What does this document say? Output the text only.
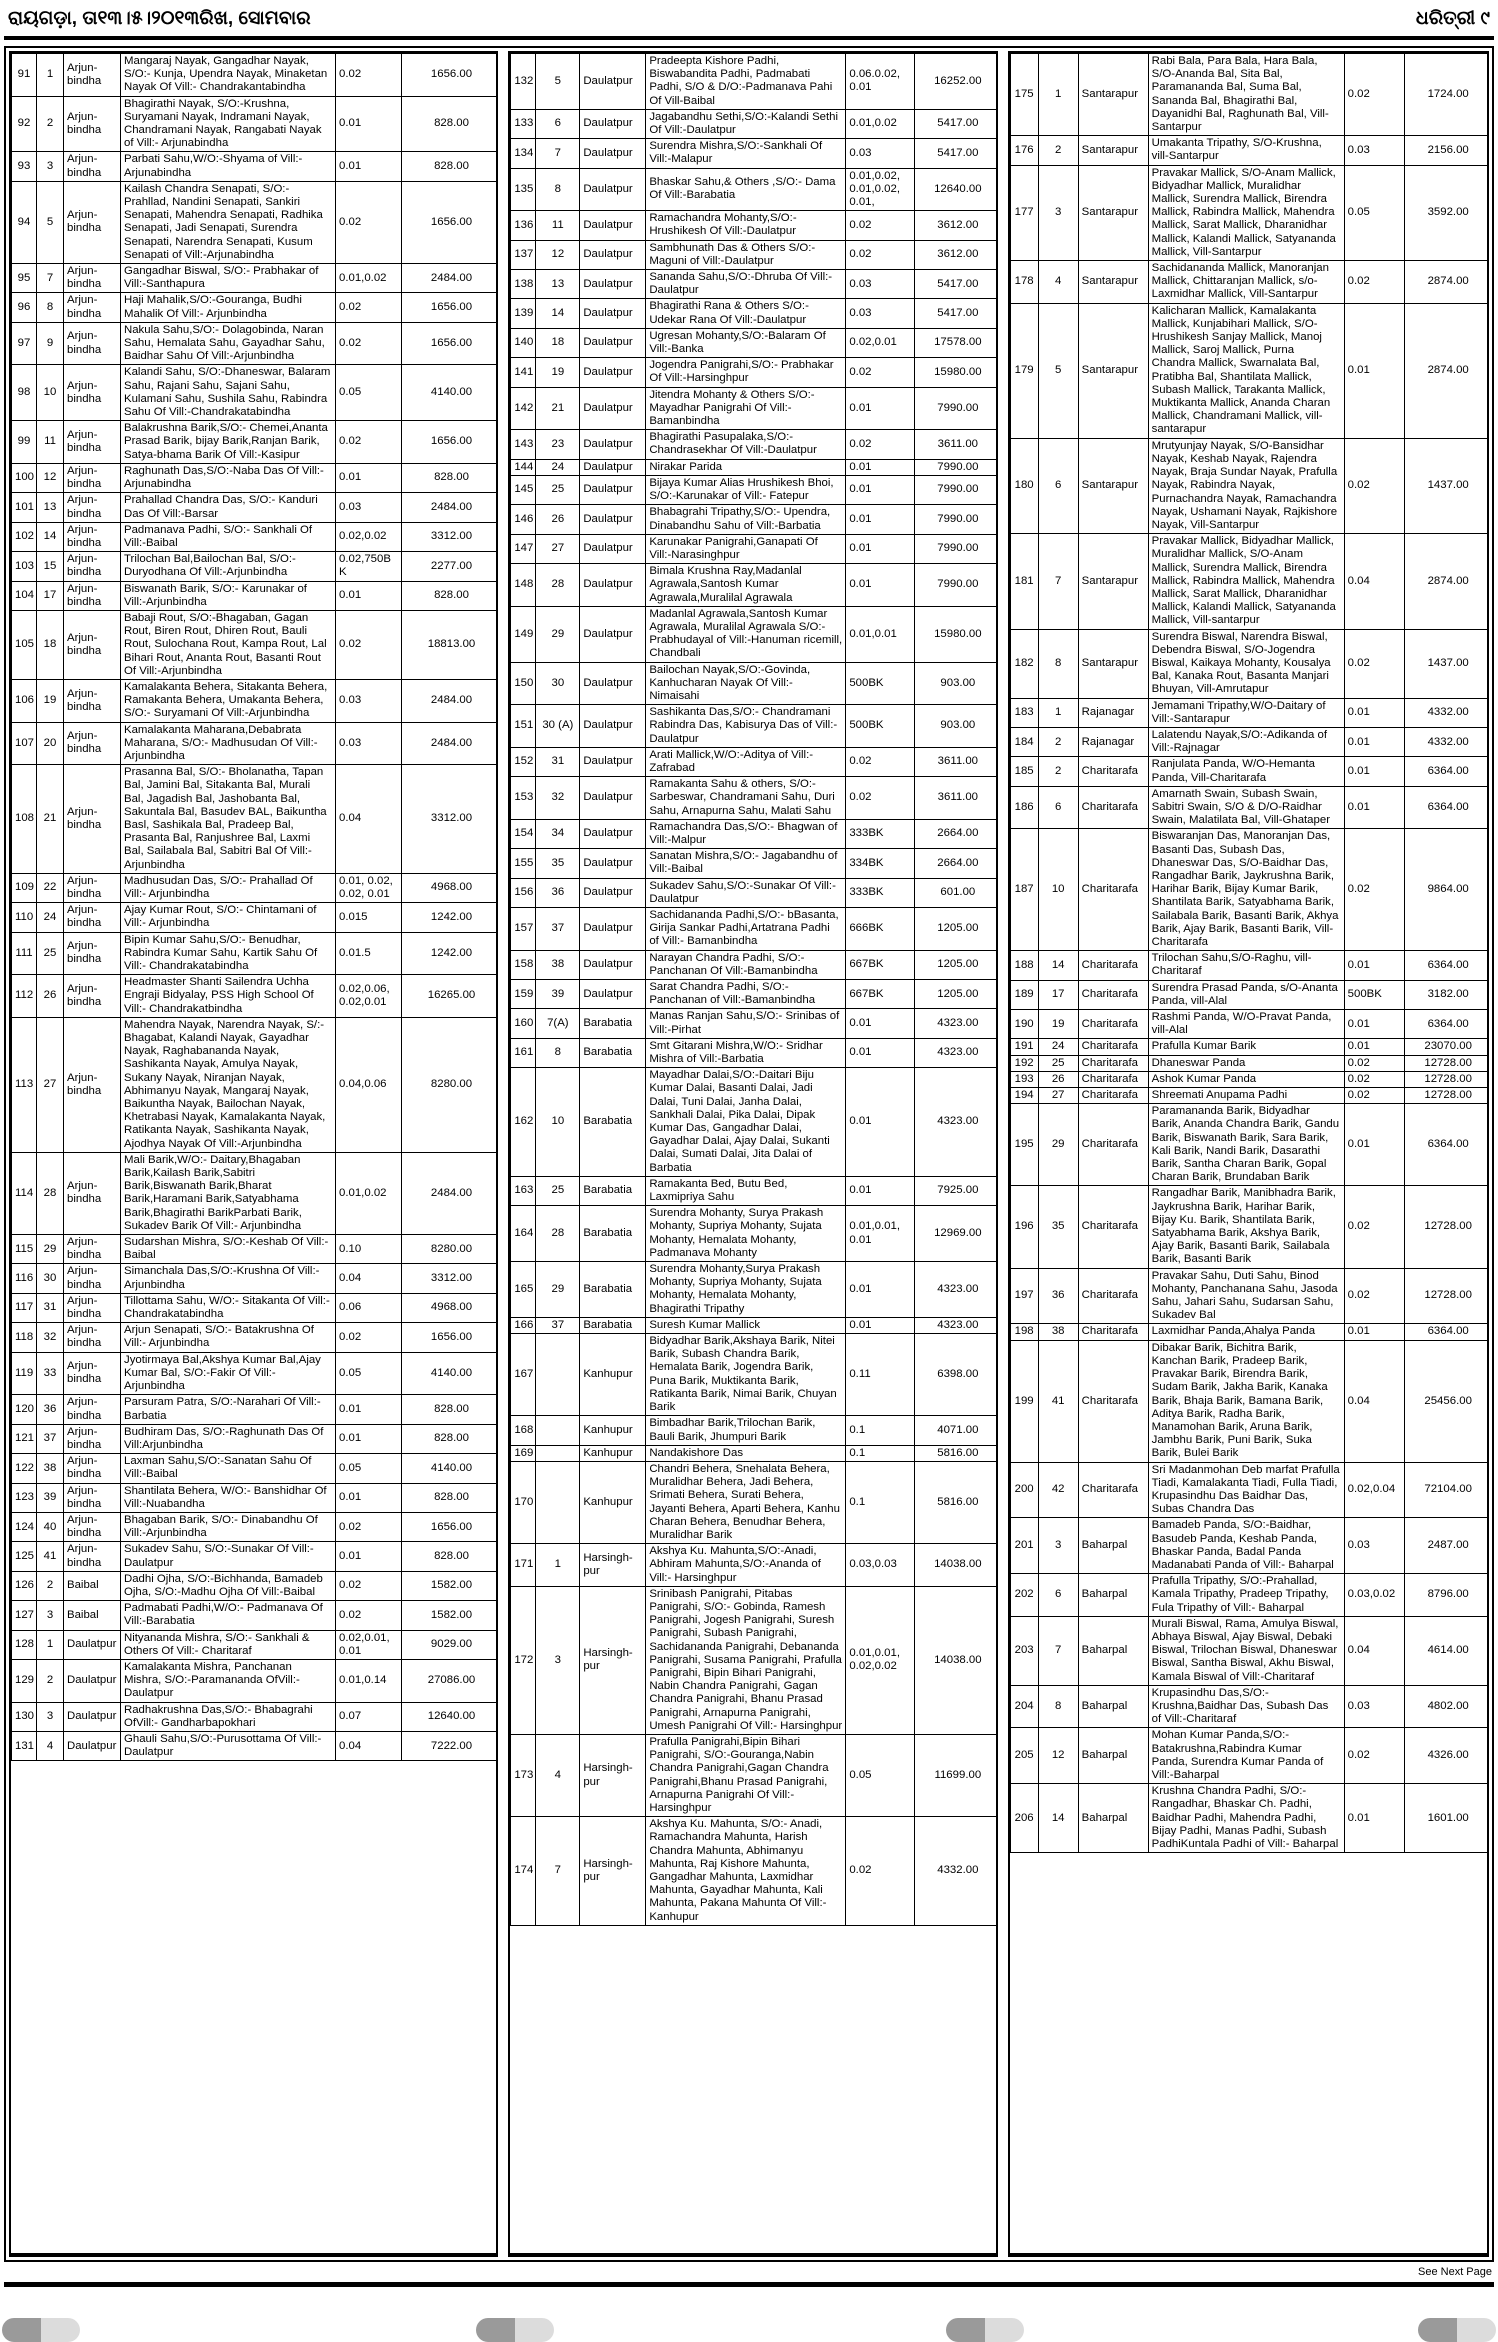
ରାୟଗଡ଼ା, ତା୧୩।୫।୨୦୧୩ରିଖ, ସୋମବାର	ଧରିତ୍ରୀ ୯
91	1	Arjun-bindha	Mangaraj Nayak, Gangadhar Nayak, S/O:- Kunja, Upendra Nayak, Minaketan Nayak Of Vill:- Chandrakantabindha	0.02	1656.00
92	2	Arjun-bindha	Bhagirathi Nayak, S/O:-Krushna, Suryamani Nayak, Indramani Nayak, Chandramani Nayak, Rangabati Nayak of Vill:- Arjunabindha	0.01	828.00
93	3	Arjun-bindha	Parbati Sahu,W/O:-Shyama of Vill:-Arjunabindha	0.01	828.00
94	5	Arjun-bindha	Kailash Chandra Senapati, S/O:- Prahllad, Nandini Senapati, Sankiri Senapati, Mahendra Senapati, Radhika Senapati, Jadi Senapati, Surendra Senapati, Narendra Senapati, Kusum Senapati of Vill:-Arjunabindha	0.02	1656.00
95	7	Arjun-bindha	Gangadhar Biswal, S/O:- Prabhakar of Vill:-Santhapura	0.01,0.02	2484.00
96	8	Arjun-bindha	Haji Mahalik,S/O:-Gouranga, Budhi Mahalik Of Vill:- Arjunbindha	0.02	1656.00
97	9	Arjun-bindha	Nakula Sahu,S/O:- Dolagobinda, Naran Sahu, Hemalata Sahu, Gayadhar Sahu, Baidhar Sahu Of Vill:-Arjunbindha	0.02	1656.00
98	10	Arjun-bindha	Kalandi Sahu, S/O:-Dhaneswar, Balaram Sahu, Rajani Sahu, Sajani Sahu, Kulamani Sahu, Sushila Sahu, Rabindra Sahu Of Vill:-Chandrakatabindha	0.05	4140.00
99	11	Arjun-bindha	Balakrushna Barik,S/O:- Chemei,Ananta Prasad Barik, bijay Barik,Ranjan Barik, Satya-bhama Barik Of Vill:-Kasipur	0.02	1656.00
100	12	Arjun-bindha	Raghunath Das,S/O:-Naba Das Of Vill:- Arjunabindha	0.01	828.00
101	13	Arjun-bindha	Prahallad Chandra Das, S/O:- Kanduri Das Of Vill:-Barsar	0.03	2484.00
102	14	Arjun-bindha	Padmanava Padhi, S/O:- Sankhali Of Vill:-Baibal	0.02,0.02	3312.00
103	15	Arjun-bindha	Trilochan Bal,Bailochan Bal, S/O:- Duryodhana Of Vill:-Arjunbindha	0.02,750B K	2277.00
104	17	Arjun-bindha	Biswanath Barik, S/O:- Karunakar of Vill:-Arjunbindha	0.01	828.00
105	18	Arjun-bindha	Babaji Rout, S/O:-Bhagaban, Gagan Rout, Biren Rout, Dhiren Rout, Bauli Rout, Sulochana Rout, Kampa Rout, Lal Bihari Rout, Ananta Rout, Basanti Rout Of Vill:-Arjunbindha	0.02	18813.00
106	19	Arjun-bindha	Kamalakanta Behera, Sitakanta Behera, Ramakanta Behera, Umakanta Behera, S/O:- Suryamani Of Vill:-Arjunbindha	0.03	2484.00
107	20	Arjun-bindha	Kamalakanta Maharana,Debabrata Maharana, S/O:- Madhusudan Of Vill:- Arjunbindha	0.03	2484.00
108	21	Arjun-bindha	Prasanna Bal, S/O:- Bholanatha, Tapan Bal, Jamini Bal, Sitakanta Bal, Murali Bal, Jagadish Bal, Jashobanta Bal, Sakuntala Bal, Basudev BAL, Baikuntha Basl, Sashikala Bal, Pradeep Bal, Prasanta Bal, Ranjushree Bal, Laxmi Bal, Sailabala Bal, Sabitri Bal Of Vill:-Arjunbindha	0.04	3312.00
109	22	Arjun-bindha	Madhusudan Das, S/O:- Prahallad Of Vill:- Arjunbindha	0.01, 0.02, 0.02, 0.01	4968.00
110	24	Arjun-bindha	Ajay Kumar Rout, S/O:- Chintamani of Vill:- Arjunbindha	0.015	1242.00
111	25	Arjun-bindha	Bipin Kumar Sahu,S/O:- Benudhar, Rabindra Kumar Sahu, Kartik Sahu Of Vill:- Chandrakatabindha	0.01.5	1242.00
112	26	Arjun-bindha	Headmaster Shanti Sailendra Uchha Engraji Bidyalay, PSS High School Of Vill:- Chandrakatbindha	0.02,0.06, 0.02,0.01	16265.00
113	27	Arjun-bindha	Mahendra Nayak, Narendra Nayak, S/:- Bhagabat, Kalandi Nayak, Gayadhar Nayak, Raghabananda Nayak, Sashikanta Nayak, Amulya Nayak, Sukany Nayak, Niranjan Nayak, Abhimanyu Nayak, Mangaraj Nayak, Baikuntha Nayak, Bailochan Nayak, Khetrabasi Nayak, Kamalakanta Nayak, Ratikanta Nayak, Sashikanta Nayak, Ajodhya Nayak Of Vill:-Arjunbindha	0.04,0.06	8280.00
114	28	Arjun-bindha	Mali Barik,W/O:- Daitary,Bhagaban Barik,Kailash Barik,Sabitri Barik,Biswanath Barik,Bharat Barik,Haramani Barik,Satyabhama Barik,Bhagirathi BarikParbati Barik, Sukadev Barik Of Vill:- Arjunbindha	0.01,0.02	2484.00
115	29	Arjun-bindha	Sudarshan Mishra, S/O:-Keshab Of Vill:- Baibal	0.10	8280.00
116	30	Arjun-bindha	Simanchala Das,S/O:-Krushna Of Vill:- Arjunbindha	0.04	3312.00
117	31	Arjun-bindha	Tillottama Sahu, W/O:- Sitakanta Of Vill:- Chandrakatabindha	0.06	4968.00
118	32	Arjun-bindha	Arjun Senapati, S/O:- Batakrushna Of Vill:- Arjunbindha	0.02	1656.00
119	33	Arjun-bindha	Jyotirmaya Bal,Akshya Kumar Bal,Ajay Kumar Bal, S/O:-Fakir Of Vill:-Arjunbindha	0.05	4140.00
120	36	Arjun-bindha	Parsuram Patra, S/O:-Narahari Of Vill:-Barbatia	0.01	828.00
121	37	Arjun-bindha	Budhiram Das, S/O:-Raghunath Das Of Vill:Arjunbindha	0.01	828.00
122	38	Arjun-bindha	Laxman Sahu,S/O:-Sanatan Sahu Of Vill:-Baibal	0.05	4140.00
123	39	Arjun-bindha	Shantilata Behera, W/O:- Banshidhar Of Vill:-Nuabandha	0.01	828.00
124	40	Arjun-bindha	Bhagaban Barik, S/O:- Dinabandhu Of Vill:-Arjunbindha	0.02	1656.00
125	41	Arjun-bindha	Sukadev Sahu, S/O:-Sunakar Of Vill:-Daulatpur	0.01	828.00
126	2	Baibal	Dadhi Ojha, S/O:-Bichhanda, Bamadeb Ojha, S/O:-Madhu Ojha Of Vill:-Baibal	0.02	1582.00
127	3	Baibal	Padmabati Padhi,W/O:- Padmanava Of Vill:-Barabatia	0.02	1582.00
128	1	Daulatpur	Nityananda Mishra, S/O:- Sankhali & Others Of Vill:- Charitaraf	0.02,0.01, 0.01	9029.00
129	2	Daulatpur	Kamalakanta Mishra, Panchanan Mishra, S/O:-Paramananda OfVill:-Daulatpur	0.01,0.14	27086.00
130	3	Daulatpur	Radhakrushna Das,S/O:- Bhabagrahi OfVill:- Gandharbapokhari	0.07	12640.00
131	4	Daulatpur	Ghauli Sahu,S/O:-Purusottama Of Vill:-Daulatpur	0.04	7222.00
132	5	Daulatpur	Pradeepta Kishore Padhi, Biswabandita Padhi, Padmabati Padhi, S/O & D/O:-Padmanava Pahi Of Vill-Baibal	0.06.0.02, 0.01	16252.00
133	6	Daulatpur	Jagabandhu Sethi,S/O:-Kalandi Sethi Of Vill:-Daulatpur	0.01,0.02	5417.00
134	7	Daulatpur	Surendra Mishra,S/O:-Sankhali Of Vill:-Malapur	0.03	5417.00
135	8	Daulatpur	Bhaskar Sahu,& Others ,S/O:- Dama Of Vill:-Barabatia	0.01,0.02, 0.01,0.02, 0.01,	12640.00
136	11	Daulatpur	Ramachandra Mohanty,S/O:- Hrushikesh Of Vill:-Daulatpur	0.02	3612.00
137	12	Daulatpur	Sambhunath Das & Others S/O:- Maguni of Vill:-Daulatpur	0.02	3612.00
138	13	Daulatpur	Sananda Sahu,S/O:-Dhruba Of Vill:-Daulatpur	0.03	5417.00
139	14	Daulatpur	Bhagirathi Rana & Others S/O:- Udekar Rana Of Vill:-Daulatpur	0.03	5417.00
140	18	Daulatpur	Ugresan Mohanty,S/O:-Balaram Of Vill:-Banka	0.02,0.01	17578.00
141	19	Daulatpur	Jogendra Panigrahi,S/O:- Prabhakar Of Vill:-Harsinghpur	0.02	15980.00
142	21	Daulatpur	Jitendra Mohanty & Others S/O:- Mayadhar Panigrahi Of Vill:- Bamanbindha	0.01	7990.00
143	23	Daulatpur	Bhagirathi Pasupalaka,S/O:- Chandrasekhar Of Vill:-Daulatpur	0.02	3611.00
144	24	Daulatpur	Nirakar Parida	0.01	7990.00
145	25	Daulatpur	Bijaya Kumar Alias Hrushikesh Bhoi, S/O:-Karunakar of Vill:- Fatepur	0.01	7990.00
146	26	Daulatpur	Bhabagrahi Tripathy,S/O:- Upendra, Dinabandhu Sahu of Vill:-Barbatia	0.01	7990.00
147	27	Daulatpur	Karunakar Panigrahi,Ganapati Of Vill:-Narasinghpur	0.01	7990.00
148	28	Daulatpur	Bimala Krushna Ray,Madanlal Agrawala,Santosh Kumar Agrawala,Muralilal Agrawala	0.01	7990.00
149	29	Daulatpur	Madanlal Agrawala,Santosh Kumar Agrawala, Muralilal Agrawala S/O:-Prabhudayal of Vill:-Hanuman ricemill, Chandbali	0.01,0.01	15980.00
150	30	Daulatpur	Bailochan Nayak,S/O:-Govinda, Kanhucharan Nayak Of Vill:- Nimaisahi	500BK	903.00
151	30 (A)	Daulatpur	Sashikanta Das,S/O:- Chandramani Rabindra Das, Kabisurya Das of Vill:-Daulatpur	500BK	903.00
152	31	Daulatpur	Arati Mallick,W/O:-Aditya of Vill:- Zafrabad	0.02	3611.00
153	32	Daulatpur	Ramakanta Sahu & others, S/O:- Sarbeswar, Chandramani Sahu, Duri Sahu, Arnapurna Sahu, Malati Sahu	0.02	3611.00
154	34	Daulatpur	Ramachandra Das,S/O:- Bhagwan of Vill:-Malpur	333BK	2664.00
155	35	Daulatpur	Sanatan Mishra,S/O:- Jagabandhu of Vill:-Baibal	334BK	2664.00
156	36	Daulatpur	Sukadev Sahu,S/O:-Sunakar Of Vill:-Daulatpur	333BK	601.00
157	37	Daulatpur	Sachidananda Padhi,S/O:- bBasanta, Girija Sankar Padhi,Artatrana Padhi of Vill:- Bamanbindha	666BK	1205.00
158	38	Daulatpur	Narayan Chandra Padhi, S/O:- Panchanan Of Vill:-Bamanbindha	667BK	1205.00
159	39	Daulatpur	Sarat Chandra Padhi, S/O:- Panchanan of Vill:-Bamanbindha	667BK	1205.00
160	7(A)	Barabatia	Manas Ranjan Sahu,S/O:- Srinibas of Vill:-Pirhat	0.01	4323.00
161	8	Barabatia	Smt Gitarani Mishra,W/O:- Sridhar Mishra of Vill:-Barbatia	0.01	4323.00
162	10	Barabatia	Mayadhar Dalai,S/O:-Daitari Biju Kumar Dalai, Basanti Dalai, Jadi Dalai, Tuni Dalai, Janha Dalai, Sankhali Dalai, Pika Dalai, Dipak Kumar Das, Gangadhar Dalai, Gayadhar Dalai, Ajay Dalai, Sukanti Dalai, Sumati Dalai, Jita Dalai of Barbatia	0.01	4323.00
163	25	Barabatia	Ramakanta Bed, Butu Bed, Laxmipriya Sahu	0.01	7925.00
164	28	Barabatia	Surendra Mohanty, Surya Prakash Mohanty, Supriya Mohanty, Sujata Mohanty, Hemalata Mohanty, Padmanava Mohanty	0.01,0.01, 0.01	12969.00
165	29	Barabatia	Surendra Mohanty,Surya Prakash Mohanty, Supriya Mohanty, Sujata Mohanty, Hemalata Mohanty, Bhagirathi Tripathy	0.01	4323.00
166	37	Barabatia	Suresh Kumar Mallick	0.01	4323.00
167		Kanhupur	Bidyadhar Barik,Akshaya Barik, Nitei Barik, Subash Chandra Barik, Hemalata Barik, Jogendra Barik, Puna Barik, Muktikanta Barik, Ratikanta Barik, Nimai Barik, Chuyan Barik	0.11	6398.00
168		Kanhupur	Bimbadhar Barik,Trilochan Barik, Bauli Barik, Jhumpuri Barik	0.1	4071.00
169		Kanhupur	Nandakishore Das	0.1	5816.00
170		Kanhupur	Chandri Behera, Snehalata Behera, Muralidhar Behera, Jadi Behera, Srimati Behera, Surati Behera, Jayanti Behera, Aparti Behera, Kanhu Charan Behera, Benudhar Behera, Muralidhar Barik	0.1	5816.00
171	1	Harsingh-pur	Akshya Ku. Mahunta,S/O:-Anadi, Abhiram Mahunta,S/O:-Ananda of Vill:- Harsinghpur	0.03,0.03	14038.00
172	3	Harsingh-pur	Srinibash Panigrahi, Pitabas Panigrahi, S/O:- Gobinda, Ramesh Panigrahi, Jogesh Panigrahi, Suresh Panigrahi, Subash Panigrahi, Sachidananda Panigrahi, Debananda Panigrahi, Susama Panigrahi, Prafulla Panigrahi, Bipin Bihari Panigrahi, Nabin Chandra Panigrahi, Gagan Chandra Panigrahi, Bhanu Prasad Panigrahi, Arnapurna Panigrahi, Umesh Panigrahi Of Vill:- Harsinghpur	0.01,0.01, 0.02,0.02	14038.00
173	4	Harsingh-pur	Prafulla Panigrahi,Bipin Bihari Panigrahi, S/O:-Gouranga,Nabin Chandra Panigrahi,Gagan Chandra Panigrahi,Bhanu Prasad Panigrahi, Arnapurna Panigrahi Of Vill:-Harsinghpur	0.05	11699.00
174	7	Harsingh-pur	Akshya Ku. Mahunta, S/O:- Anadi, Ramachandra Mahunta, Harish Chandra Mahunta, Abhimanyu Mahunta, Raj Kishore Mahunta, Gangadhar Mahunta, Laxmidhar Mahunta, Gayadhar Mahunta, Kali Mahunta, Pakana Mahunta Of Vill:-Kanhupur	0.02	4332.00
175	1	Santarapur	Rabi Bala, Para Bala, Hara Bala, S/O-Ananda Bal, Sita Bal, Paramananda Bal, Suma Bal, Sananda Bal, Bhagirathi Bal, Dayanidhi Bal, Raghunath Bal, Vill-Santarpur	0.02	1724.00
176	2	Santarapur	Umakanta Tripathy, S/O-Krushna, vill-Santarpur	0.03	2156.00
177	3	Santarapur	Pravakar Mallick, S/O-Anam Mallick, Bidyadhar Mallick, Muralidhar Mallick, Surendra Mallick, Birendra Mallick, Rabindra Mallick, Mahendra Mallick, Sarat Mallick, Dharanidhar Mallick, Kalandi Mallick, Satyananda Mallick, Vill-Santarpur	0.05	3592.00
178	4	Santarapur	Sachidananda Mallick, Manoranjan Mallick, Chittaranjan Mallick, s/o-Laxmidhar Mallick, Vill-Santarpur	0.02	2874.00
179	5	Santarapur	Kalicharan Mallick, Kamalakanta Mallick, Kunjabihari Mallick, S/O-Hrushikesh Sanjay Mallick, Manoj Mallick, Saroj Mallick, Purna Chandra Mallick, Swarnalata Bal, Pratibha Bal, Shantilata Mallick, Subash Mallick, Tarakanta Mallick, Muktikanta Mallick, Ananda Charan Mallick, Chandramani Mallick, vill-santarapur	0.01	2874.00
180	6	Santarapur	Mrutyunjay Nayak, S/O-Bansidhar Nayak, Keshab Nayak, Rajendra Nayak, Braja Sundar Nayak, Prafulla Nayak, Rabindra Nayak, Purnachandra Nayak, Ramachandra Nayak, Ushamani Nayak, Rajkishore Nayak, Vill-Santarpur	0.02	1437.00
181	7	Santarapur	Pravakar Mallick, Bidyadhar Mallick, Muralidhar Mallick, S/O-Anam Mallick, Surendra Mallick, Birendra Mallick, Rabindra Mallick, Mahendra Mallick, Sarat Mallick, Dharanidhar Mallick, Kalandi Mallick, Satyananda Mallick, Vill-santarpur	0.04	2874.00
182	8	Santarapur	Surendra Biswal, Narendra Biswal, Debendra Biswal, S/O-Jogendra Biswal, Kaikaya Mohanty, Kousalya Bal, Kanaka Rout, Basanta Manjari Bhuyan, Vill-Amrutapur	0.02	1437.00
183	1	Rajanagar	Jemamani Tripathy,W/O-Daitary of Vill:-Santarapur	0.01	4332.00
184	2	Rajanagar	Lalatendu Nayak,S/O:-Adikanda of Vill:-Rajnagar	0.01	4332.00
185	2	Charitarafa	Ranjulata Panda, W/O-Hemanta Panda, Vill-Charitarafa	0.01	6364.00
186	6	Charitarafa	Amarnath Swain, Subash Swain, Sabitri Swain, S/O & D/O-Raidhar Swain, Malatilata Bal, Vill-Ghataper	0.01	6364.00
187	10	Charitarafa	Biswaranjan Das, Manoranjan Das, Basanti Das, Subash Das, Dhaneswar Das, S/O-Baidhar Das, Rangadhar Barik, Jaykrushna Barik, Harihar Barik, Bijay Kumar Barik, Shantilata Barik, Satyabhama Barik, Sailabala Barik, Basanti Barik, Akhya Barik, Ajay Barik, Basanti Barik, Vill-Charitarafa	0.02	9864.00
188	14	Charitarafa	Trilochan Sahu,S/O-Raghu, vill-Charitaraf	0.01	6364.00
189	17	Charitarafa	Surendra Prasad Panda, s/O-Ananta Panda, vill-Alal	500BK	3182.00
190	19	Charitarafa	Rashmi Panda, W/O-Pravat Panda, vill-Alal	0.01	6364.00
191	24	Charitarafa	Prafulla Kumar Barik	0.01	23070.00
192	25	Charitarafa	Dhaneswar Panda	0.02	12728.00
193	26	Charitarafa	Ashok Kumar Panda	0.02	12728.00
194	27	Charitarafa	Shreemati Anupama Padhi	0.02	12728.00
195	29	Charitarafa	Paramananda Barik, Bidyadhar Barik, Ananda Chandra Barik, Gandu Barik, Biswanath Barik, Sara Barik, Kali Barik, Nandi Barik, Dasarathi Barik, Santha Charan Barik, Gopal Charan Barik, Brundaban Barik	0.01	6364.00
196	35	Charitarafa	Rangadhar Barik, Manibhadra Barik, Jaykrushna Barik, Harihar Barik, Bijay Ku. Barik, Shantilata Barik, Satyabhama Barik, Akshya Barik, Ajay Barik, Basanti Barik, Sailabala Barik, Basanti Barik	0.02	12728.00
197	36	Charitarafa	Pravakar Sahu, Duti Sahu, Binod Mohanty, Panchanana Sahu, Jasoda Sahu, Jahari Sahu, Sudarsan Sahu, Sukadev Bal	0.02	12728.00
198	38	Charitarafa	Laxmidhar Panda,Ahalya Panda	0.01	6364.00
199	41	Charitarafa	Dibakar Barik, Bichitra Barik, Kanchan Barik, Pradeep Barik, Pravakar Barik, Birendra Barik, Sudam Barik, Jakha Barik, Kanaka Barik, Bhaja Barik, Bamana Barik, Aditya Barik, Radha Barik, Manamohan Barik, Aruna Barik, Jambhu Barik, Puni Barik, Suka Barik, Bulei Barik	0.04	25456.00
200	42	Charitarafa	Sri Madanmohan Deb marfat Prafulla Tiadi, Kamalakanta Tiadi, Fulla Tiadi, Krupasindhu Das Baidhar Das, Subas Chandra Das	0.02,0.04	72104.00
201	3	Baharpal	Bamadeb Panda, S/O:-Baidhar, Basudeb Panda, Keshab Panda, Bhaskar Panda, Badal Panda Madanabati Panda of Vill:- Baharpal	0.03	2487.00
202	6	Baharpal	Prafulla Tripathy, S/O:-Prahallad, Kamala Tripathy, Pradeep Tripathy, Fula Tripathy of Vill:- Baharpal	0.03,0.02	8796.00
203	7	Baharpal	Murali Biswal, Rama, Amulya Biswal, Abhaya Biswal, Ajay Biswal, Debaki Biswal, Trilochan Biswal, Dhaneswar Biswal, Santha Biswal, Akhu Biswal, Kamala Biswal of Vill:-Charitaraf	0.04	4614.00
204	8	Baharpal	Krupasindhu Das,S/O:- Krushna,Baidhar Das, Subash Das of Vill:-Charitaraf	0.03	4802.00
205	12	Baharpal	Mohan Kumar Panda,S/O:- Batakrushna,Rabindra Kumar Panda, Surendra Kumar Panda of Vill:-Baharpal	0.02	4326.00
206	14	Baharpal	Krushna Chandra Padhi, S/O:- Rangadhar, Bhaskar Ch. Padhi, Baidhar Padhi, Mahendra Padhi, Bijay Padhi, Manas Padhi, Subash PadhiKuntala Padhi of Vill:- Baharpal	0.01	1601.00
See Next Page
